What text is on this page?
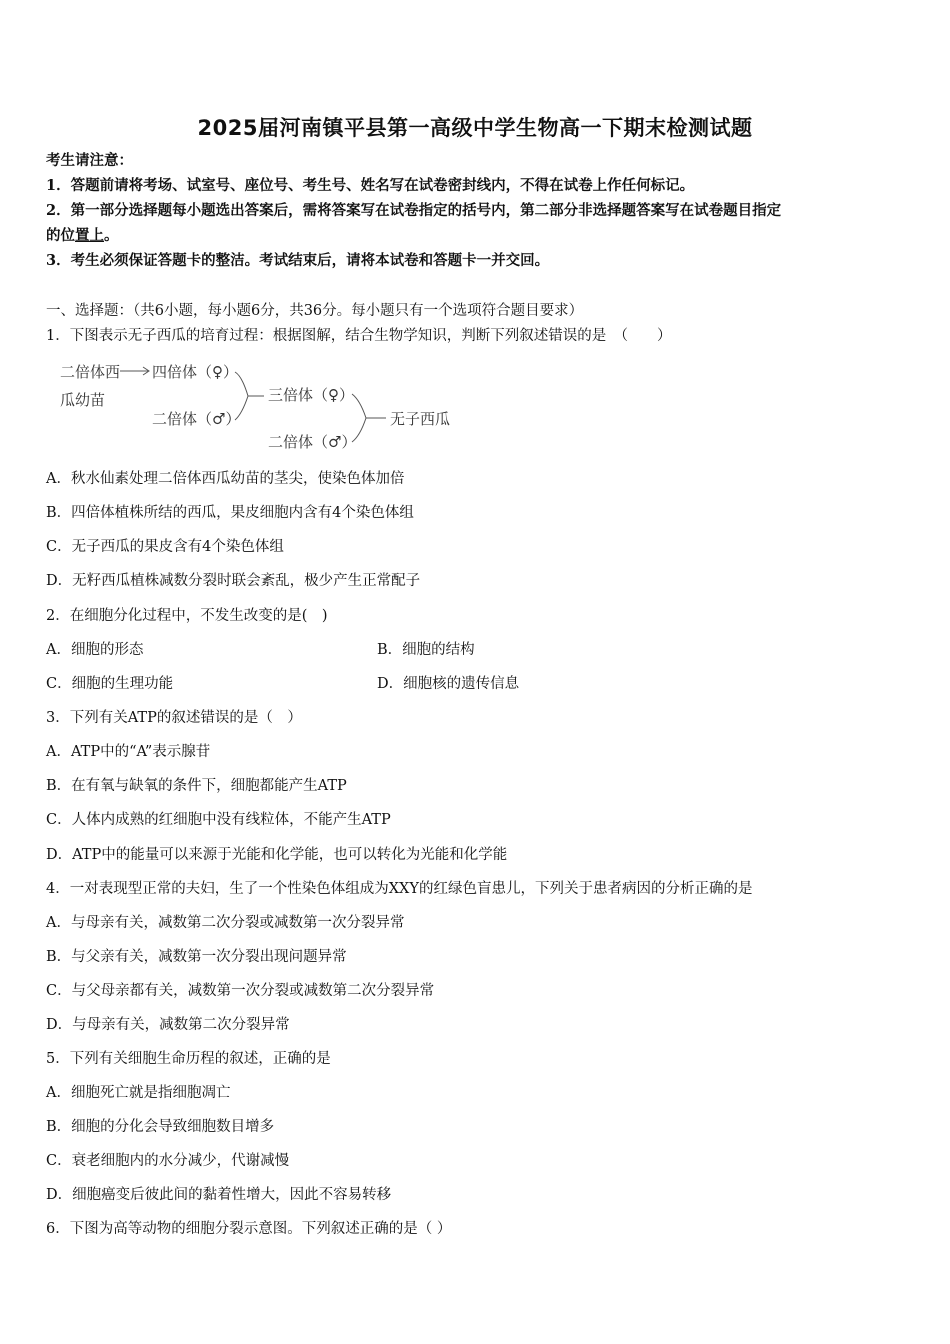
2025届河南镇平县第一高级中学生物高一下期末检测试题
考生请注意：
1．答题前请将考场、试室号、座位号、考生号、姓名写在试卷密封线内，不得在试卷上作任何标记。
2．第一部分选择题每小题选出答案后，需将答案写在试卷指定的括号内，第二部分非选择题答案写在试卷题目指定
的位置上。
3．考生必须保证答题卡的整洁。考试结束后，请将本试卷和答题卡一并交回。
一、选择题：（共6小题，每小题6分，共36分。每小题只有一个选项符合题目要求）
1．下图表示无子西瓜的培育过程：根据图解，结合生物学知识，判断下列叙述错误的是　（　　）
二倍体西
瓜幼苗
四倍体（♀）
二倍体（♂）
三倍体（♀）
二倍体（♂）
无子西瓜
A．秋水仙素处理二倍体西瓜幼苗的茎尖，使染色体加倍
B．四倍体植株所结的西瓜，果皮细胞内含有4个染色体组
C．无子西瓜的果皮含有4个染色体组
D．无籽西瓜植株减数分裂时联会紊乱，极少产生正常配子
2．在细胞分化过程中，不发生改变的是(　)
A．细胞的形态	B．细胞的结构
C．细胞的生理功能	D．细胞核的遗传信息
3．下列有关ATP的叙述错误的是（　）
A．ATP中的“A”表示腺苷
B．在有氧与缺氧的条件下，细胞都能产生ATP
C．人体内成熟的红细胞中没有线粒体，不能产生ATP
D．ATP中的能量可以来源于光能和化学能，也可以转化为光能和化学能
4．一对表现型正常的夫妇，生了一个性染色体组成为XXY的红绿色盲患儿，下列关于患者病因的分析正确的是
A．与母亲有关，减数第二次分裂或减数第一次分裂异常
B．与父亲有关，减数第一次分裂出现问题异常
C．与父母亲都有关，减数第一次分裂或减数第二次分裂异常
D．与母亲有关，减数第二次分裂异常
5．下列有关细胞生命历程的叙述，正确的是
A．细胞死亡就是指细胞凋亡
B．细胞的分化会导致细胞数目增多
C．衰老细胞内的水分减少，代谢减慢
D．细胞癌变后彼此间的黏着性增大，因此不容易转移
6．下图为高等动物的细胞分裂示意图。下列叙述正确的是（ ）
